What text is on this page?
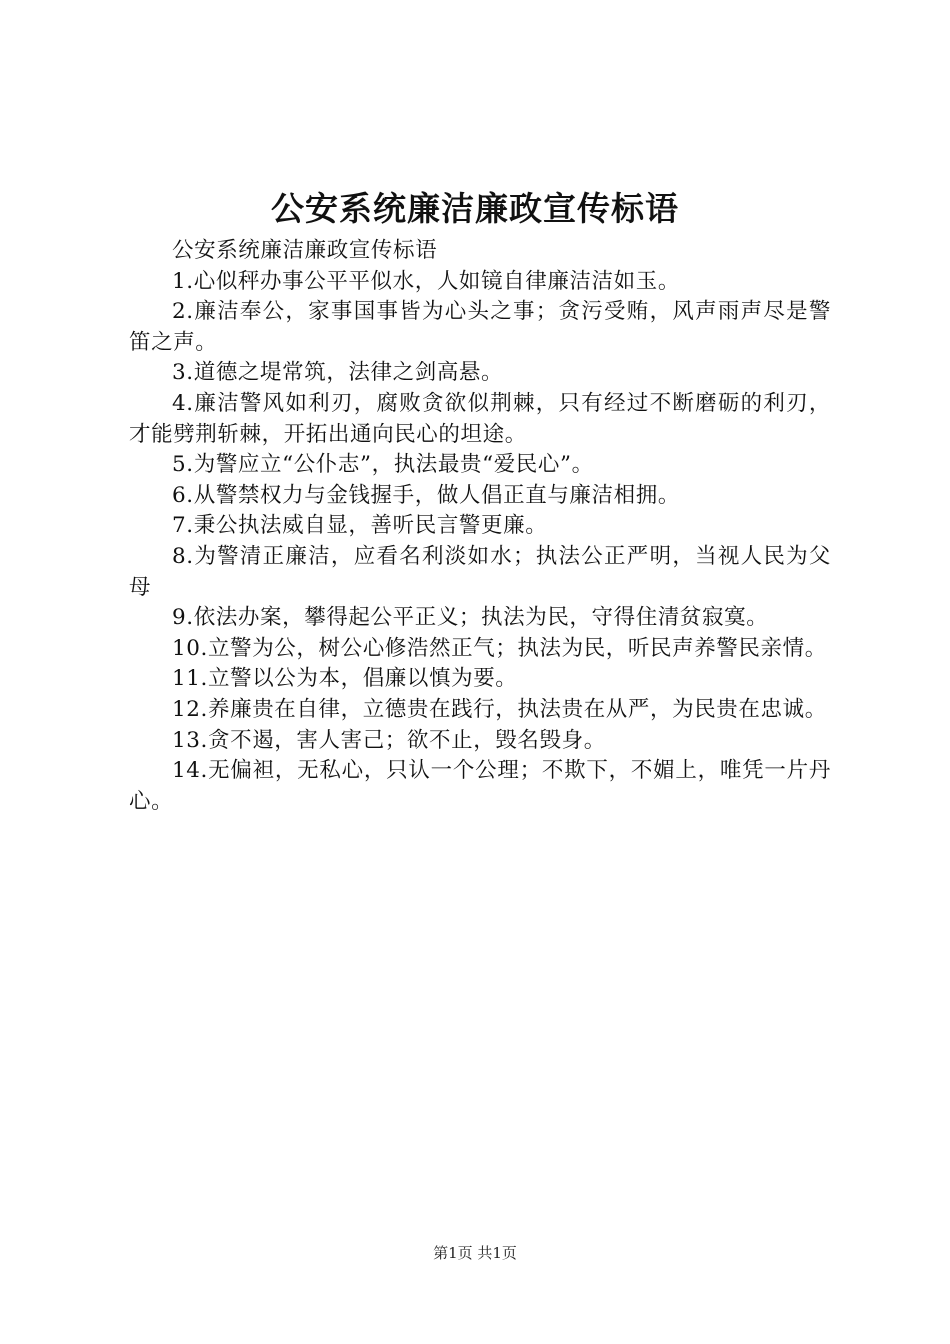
公安系统廉洁廉政宣传标语

公安系统廉洁廉政宣传标语

1.心似秤办事公平平似水，人如镜自律廉洁洁如玉。

2.廉洁奉公，家事国事皆为心头之事；贪污受贿，风声雨声尽是警笛之声。

3.道德之堤常筑，法律之剑高悬。

4.廉洁警风如利刃，腐败贪欲似荆棘，只有经过不断磨砺的利刃，才能劈荆斩棘，开拓出通向民心的坦途。

5.为警应立“公仆志”，执法最贵“爱民心”。

6.从警禁权力与金钱握手，做人倡正直与廉洁相拥。

7.秉公执法威自显，善听民言警更廉。

8.为警清正廉洁，应看名利淡如水；执法公正严明，当视人民为父母

9.依法办案，攀得起公平正义；执法为民，守得住清贫寂寞。

10.立警为公，树公心修浩然正气；执法为民，听民声养警民亲情。

11.立警以公为本，倡廉以慎为要。

12.养廉贵在自律，立德贵在践行，执法贵在从严，为民贵在忠诚。

13.贪不遏，害人害己；欲不止，毁名毁身。

14.无偏袒，无私心，只认一个公理；不欺下，不媚上，唯凭一片丹心。

第1页 共1页
